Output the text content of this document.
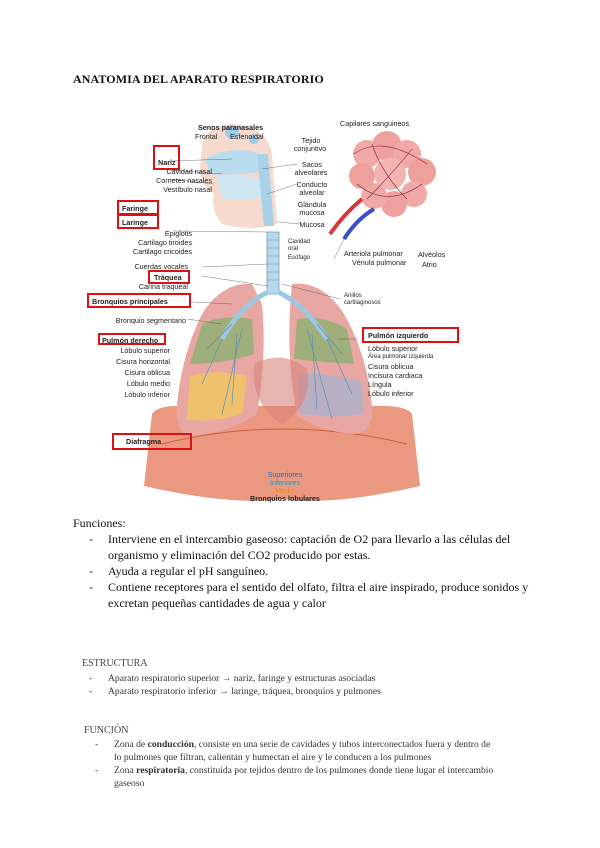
ANATOMIA DEL APARATO RESPIRATORIO
Senos paranasales
Frontal Esfenoidal
Capilares sanguineos
Tejido
conjuntivo
Nariz
Cavidad nasal
Cornetes nasales
Vestíbulo nasal
Sacos
alveolares
Conducto
alveolar
Glándula
mucosa
Mucosa
Faringe
Laringe
Epiglotis
Cartilago tiroides
Cartilago cricoides
Cavidad
oral
Esófago	Arteriola pulmonar
Vénula pulmonar
Alvéolos
Atrio
Cuerdas vocales
Tráquea
Carina traqueal
Anillos
cartilaginosos
Bronquios principales
Bronquio segmentario
Pulmón izquierdo
Lóbulo superior
Área pulmonar izquierda
Cisura oblicua
Incisura cardiaca
Língula
Lóbulo inferior
Pulmón derecho
Lóbulo superior
Cisura horizontal
Cisura oblicua
Lóbulo medio
Lóbulo inferior
Diafragma
Superiores
Inferiores
Medio
Bronquios lobulares
Funciones:
- Interviene en el intercambio gaseoso: captación de O2 para llevarlo a las células del organismo y eliminación del CO2 producido por estas.
- Ayuda a regular el pH sanguíneo.
- Contiene receptores para el sentido del olfato, filtra el aire inspirado, produce sonidos y excretan pequeñas cantidades de agua y calor
ESTRUCTURA
- Aparato respiratorio superior → nariz, faringe y estructuras asociadas
- Aparato respiratorio inferior → laringe, tráquea, bronquios y pulmones
FUNCIÓN
- Zona de conducción, consiste en una serie de cavidades y tubos interconectados fuera y dentro de lo pulmones que filtran, calientan y humectan el aire y le conducen a los pulmones
- Zona respiratoria, constituida por tejidos dentro de los pulmones donde tiene lugar el intercambio gaseoso
